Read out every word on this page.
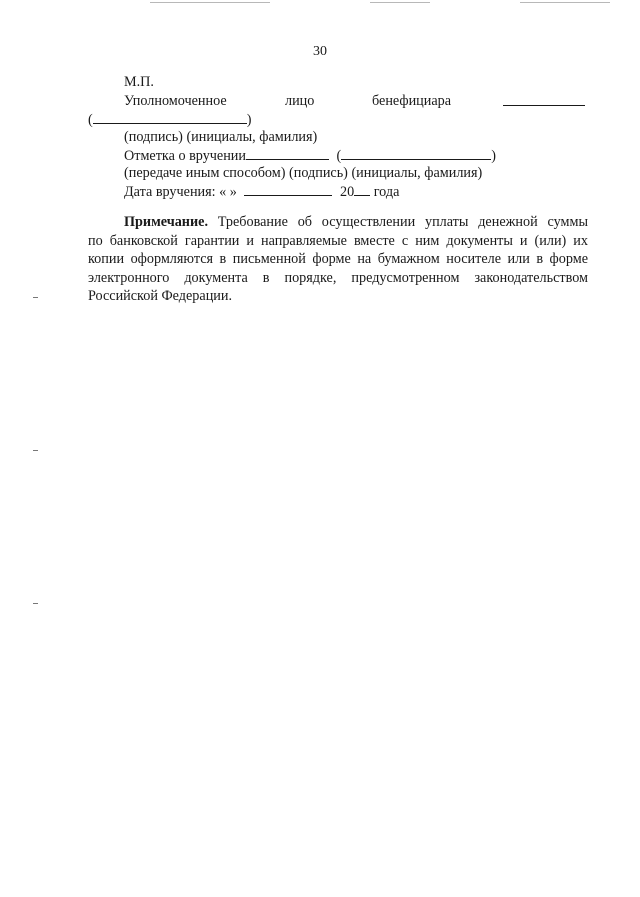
30
М.П.
Уполномоченное	лицо	бенефициара
(	)
(подпись) (инициалы, фамилия)
Отметка о вручении	(	)
(передаче иным способом) (подпись) (инициалы, фамилия)
Дата вручения: « »	20 года
Примечание. Требование об осуществлении уплаты денежной суммы
по банковской гарантии и направляемые вместе с ним документы и (или) их
копии оформляются в письменной форме на бумажном носителе или в форме
электронного документа в порядке, предусмотренном законодательством
Российской Федерации.
